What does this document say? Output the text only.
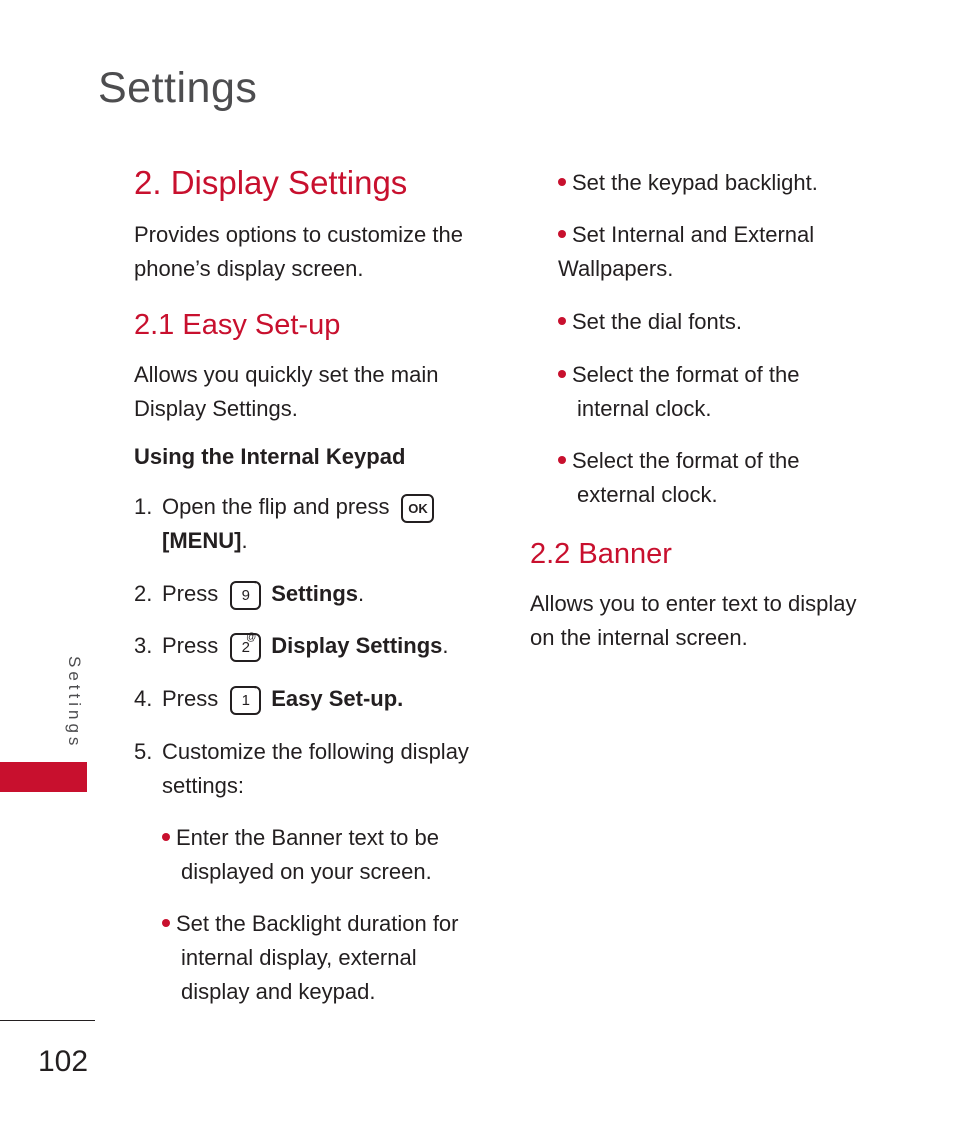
Settings
2. Display Settings

Provides options to customize the phone’s display screen.

2.1 Easy Set-up

Allows you quickly set the main Display Settings.

Using the Internal Keypad

1. Open the flip and press OK
[MENU].
2. Press 9
′ Settings.
3. Press 2
@ Display Settings.
4. Press 1
′ Easy Set-up.
5. Customize the following display settings:
Enter the Banner text to be displayed on your screen.
Set the Backlight duration for internal display, external display and keypad.
Set the keypad backlight.
Set Internal and External Wallpapers.
Set the dial fonts.
Select the format of the internal clock.
Select the format of the external clock.
2.2 Banner

Allows you to enter text to display on the internal screen.

Settings
102
